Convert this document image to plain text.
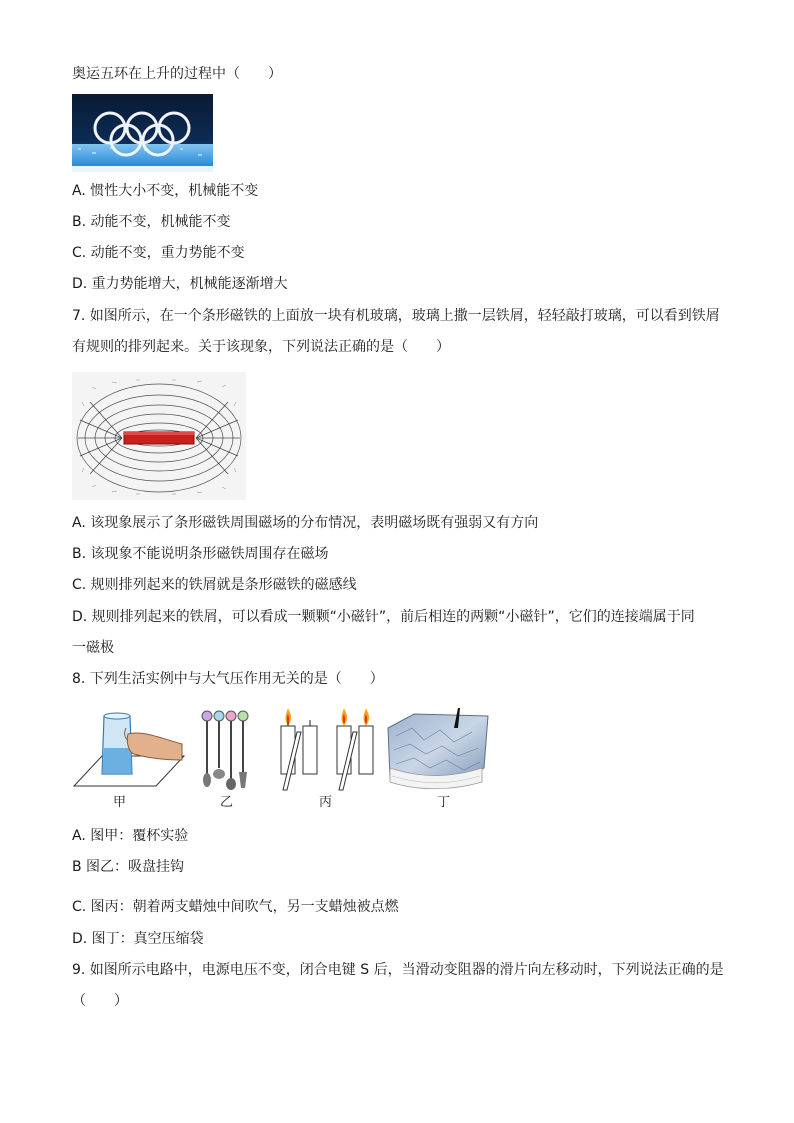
奥运五环在上升的过程中（　　）
A. 惯性大小不变，机械能不变
B. 动能不变，机械能不变
C. 动能不变，重力势能不变
D. 重力势能增大，机械能逐渐增大
7. 如图所示，在一个条形磁铁的上面放一块有机玻璃，玻璃上撒一层铁屑，轻轻敲打玻璃，可以看到铁屑
有规则的排列起来。关于该现象，下列说法正确的是（　　）
A. 该现象展示了条形磁铁周围磁场的分布情况，表明磁场既有强弱又有方向
B. 该现象不能说明条形磁铁周围存在磁场
C. 规则排列起来的铁屑就是条形磁铁的磁感线
D. 规则排列起来的铁屑，可以看成一颗颗“小磁针”，前后相连的两颗“小磁针”，它们的连接端属于同
一磁极
8. 下列生活实例中与大气压作用无关的是（　　）
甲	乙	丙	丁
A. 图甲：覆杯实验
B 图乙：吸盘挂钩
C. 图丙：朝着两支蜡烛中间吹气，另一支蜡烛被点燃
D. 图丁：真空压缩袋
9. 如图所示电路中，电源电压不变，闭合电键 S 后，当滑动变阻器的滑片向左移动时，下列说法正确的是
（　　）
